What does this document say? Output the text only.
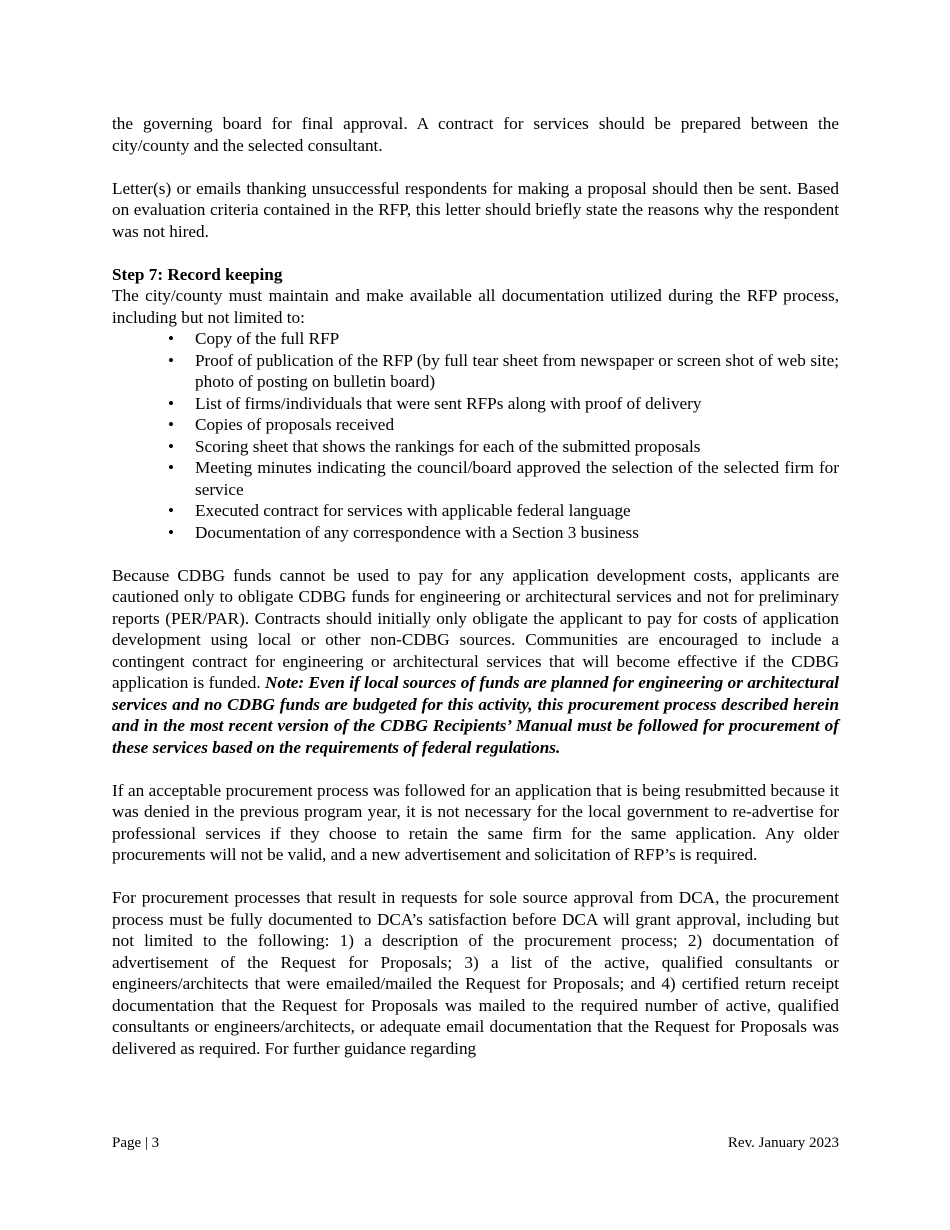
the governing board for final approval. A contract for services should be prepared between the city/county and the selected consultant.

Letter(s) or emails thanking unsuccessful respondents for making a proposal should then be sent. Based on evaluation criteria contained in the RFP, this letter should briefly state the reasons why the respondent was not hired.

Step 7: Record keeping

The city/county must maintain and make available all documentation utilized during the RFP process, including but not limited to:

• Copy of the full RFP
• Proof of publication of the RFP (by full tear sheet from newspaper or screen shot of web site; photo of posting on bulletin board)
• List of firms/individuals that were sent RFPs along with proof of delivery
• Copies of proposals received
• Scoring sheet that shows the rankings for each of the submitted proposals
• Meeting minutes indicating the council/board approved the selection of the selected firm for service
• Executed contract for services with applicable federal language
• Documentation of any correspondence with a Section 3 business

Because CDBG funds cannot be used to pay for any application development costs, applicants are cautioned only to obligate CDBG funds for engineering or architectural services and not for preliminary reports (PER/PAR). Contracts should initially only obligate the applicant to pay for costs of application development using local or other non-CDBG sources. Communities are encouraged to include a contingent contract for engineering or architectural services that will become effective if the CDBG application is funded. Note: Even if local sources of funds are planned for engineering or architectural services and no CDBG funds are budgeted for this activity, this procurement process described herein and in the most recent version of the CDBG Recipients’ Manual must be followed for procurement of these services based on the requirements of federal regulations.

If an acceptable procurement process was followed for an application that is being resubmitted because it was denied in the previous program year, it is not necessary for the local government to re-advertise for professional services if they choose to retain the same firm for the same application. Any older procurements will not be valid, and a new advertisement and solicitation of RFP’s is required.

For procurement processes that result in requests for sole source approval from DCA, the procurement process must be fully documented to DCA’s satisfaction before DCA will grant approval, including but not limited to the following: 1) a description of the procurement process; 2) documentation of advertisement of the Request for Proposals; 3) a list of the active, qualified consultants or engineers/architects that were emailed/mailed the Request for Proposals; and 4) certified return receipt documentation that the Request for Proposals was mailed to the required number of active, qualified consultants or engineers/architects, or adequate email documentation that the Request for Proposals was delivered as required. For further guidance regarding

Page | 3	Rev. January 2023
